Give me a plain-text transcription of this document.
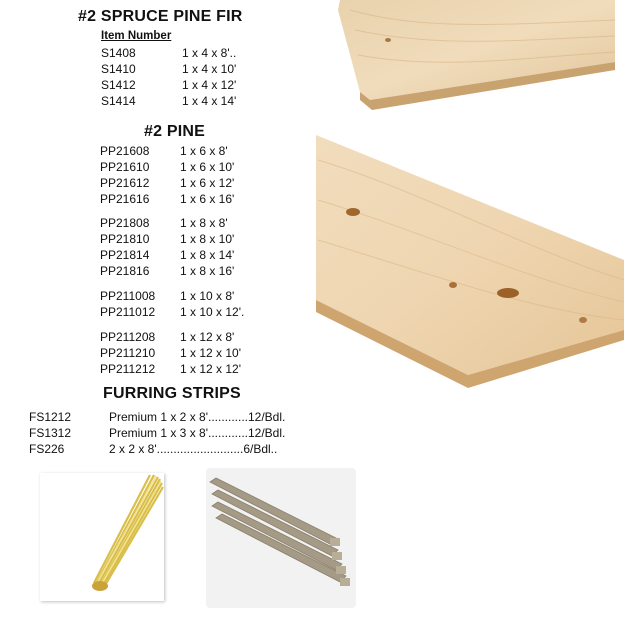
#2 SPRUCE PINE FIR
Item Number
S1408	1 x 4 x 8'..
S1410	1 x 4 x 10'
S1412	1 x 4 x 12'
S1414	1 x 4 x 14'
#2 PINE
PP21608	1 x 6 x 8'
PP21610	1 x 6 x 10'
PP21612	1 x 6 x 12'
PP21616	1 x 6 x 16'
PP21808	1 x 8 x 8'
PP21810	1 x 8 x 10'
PP21814	1 x 8 x 14'
PP21816	1 x 8 x 16'
PP211008 1 x 10 x 8'
PP211012 1 x 10 x 12'.
PP211208 1 x 12 x 8'
PP211210 1 x 12 x 10'
PP211212 1 x 12 x 12'
FURRING STRIPS
FS1212	Premium 1 x 2 x 8'............12/Bdl.
FS1312	Premium 1 x 3 x 8'............12/Bdl.
FS226	2 x 2 x 8'..........................6/Bdl..
